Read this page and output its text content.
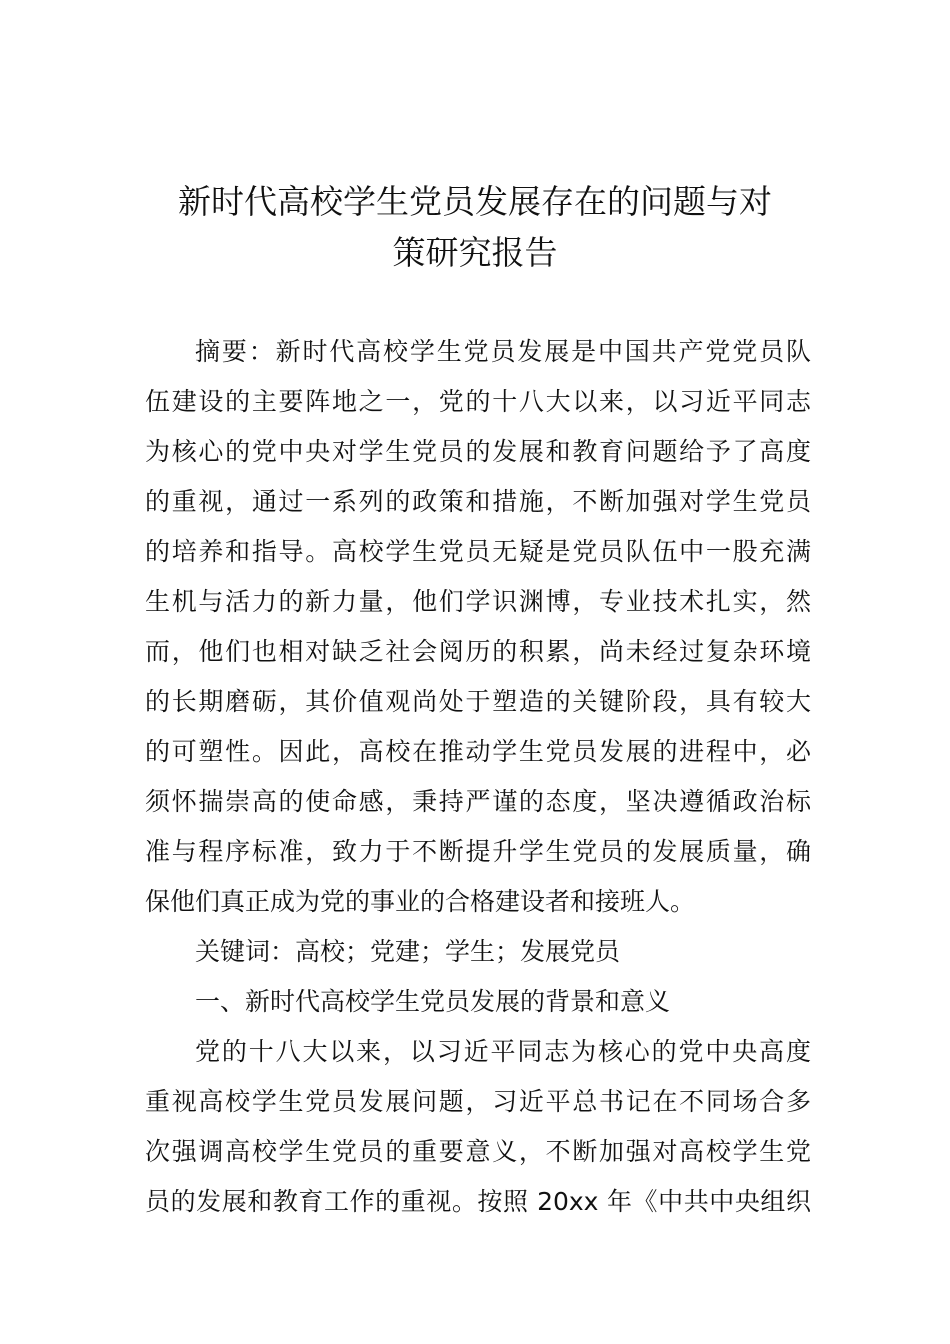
新时代高校学生党员发展存在的问题与对
策研究报告
摘要：新时代高校学生党员发展是中国共产党党员队
伍建设的主要阵地之一，党的十八大以来，以习近平同志
为核心的党中央对学生党员的发展和教育问题给予了高度
的重视，通过一系列的政策和措施，不断加强对学生党员
的培养和指导。高校学生党员无疑是党员队伍中一股充满
生机与活力的新力量，他们学识渊博，专业技术扎实，然
而，他们也相对缺乏社会阅历的积累，尚未经过复杂环境
的长期磨砺，其价值观尚处于塑造的关键阶段，具有较大
的可塑性。因此，高校在推动学生党员发展的进程中，必
须怀揣崇高的使命感，秉持严谨的态度，坚决遵循政治标
准与程序标准，致力于不断提升学生党员的发展质量，确
保他们真正成为党的事业的合格建设者和接班人。
关键词：高校；党建；学生；发展党员
一、新时代高校学生党员发展的背景和意义
党的十八大以来，以习近平同志为核心的党中央高度
重视高校学生党员发展问题，习近平总书记在不同场合多
次强调高校学生党员的重要意义，不断加强对高校学生党
员的发展和教育工作的重视。按照 20xx 年《中共中央组织
